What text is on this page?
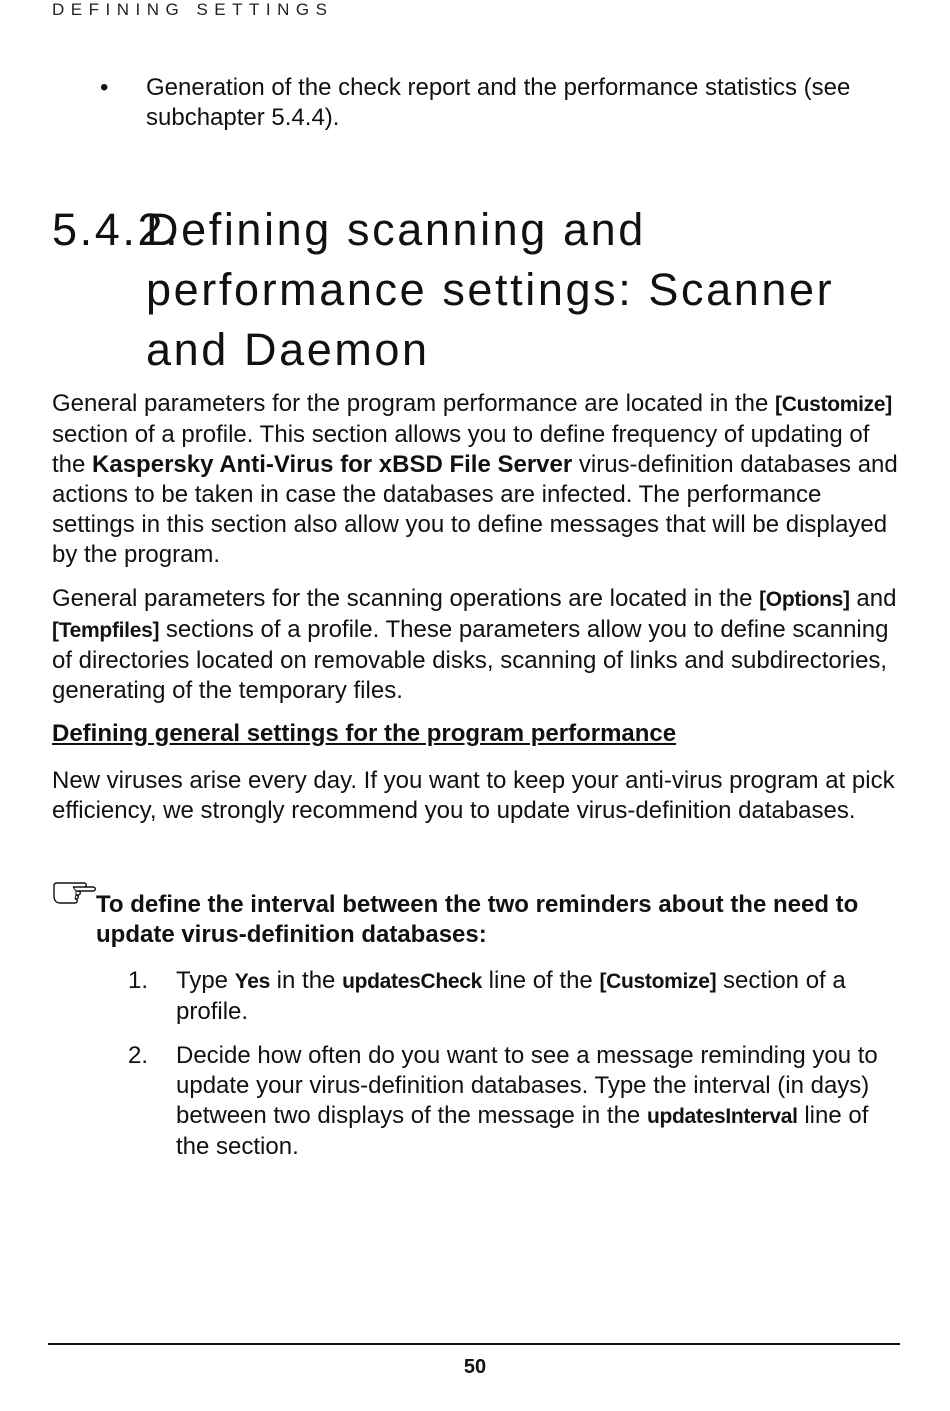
DEFINING SETTINGS
• Generation of the check report and the performance statistics (see subchapter 5.4.4).
5.4.2.Defining scanning and
performance settings: Scanner
and Daemon

General parameters for the program performance are located in the [Customize] section of a profile. This section allows you to define frequency of updating of the Kaspersky Anti-Virus for xBSD File Server virus-definition databases and actions to be taken in case the databases are infected. The performance settings in this section also allow you to define messages that will be displayed by the program.

General parameters for the scanning operations are located in the [Options] and [Tempfiles] sections of a profile. These parameters allow you to define scanning of directories located on removable disks, scanning of links and subdirectories, generating of the temporary files.

Defining general settings for the program performance

New viruses arise every day. If you want to keep your anti-virus program at pick efficiency, we strongly recommend you to update virus-definition databases.

To define the interval between the two reminders about the need to update virus-definition databases:
1. Type Yes in the updatesCheck line of the [Customize] section of a profile.
2. Decide how often do you want to see a message reminding you to update your virus-definition databases. Type the interval (in days) between two displays of the message in the updatesInterval line of the section.
50
